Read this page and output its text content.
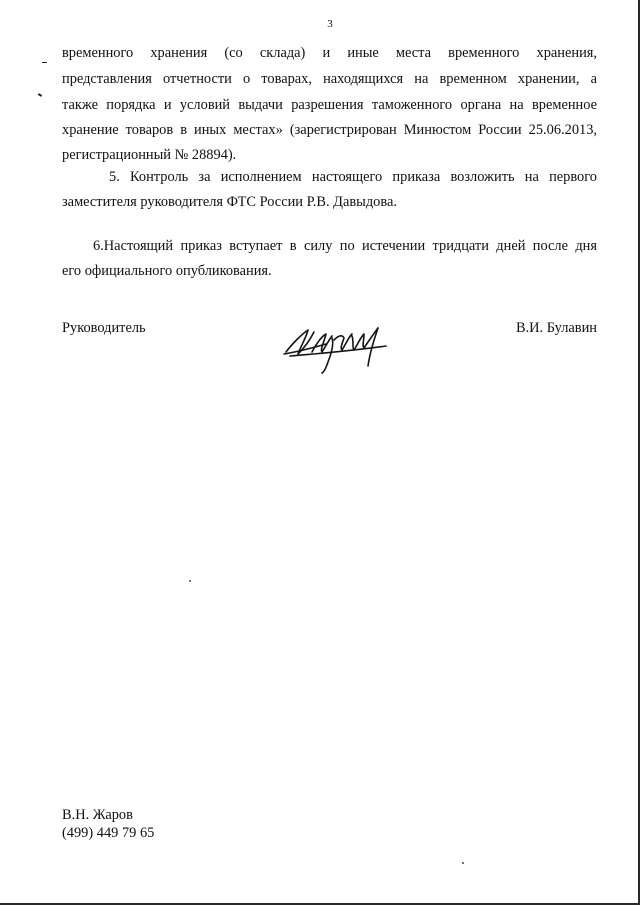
3
временного хранения (со склада) и иные места временного хранения,
представления отчетности о товарах, находящихся на временном хранении, а
также порядка и условий выдачи разрешения таможенного органа на временное
хранение товаров в иных местах» (зарегистрирован Минюстом России 25.06.2013,
регистрационный № 28894).
5. Контроль за исполнением настоящего приказа возложить на первого
заместителя руководителя ФТС России Р.В. Давыдова.
6.Настоящий приказ вступает в силу по истечении тридцати дней после дня
его официального опубликования.
Руководитель	В.И. Булавин
В.Н. Жаров
(499) 449 79 65
